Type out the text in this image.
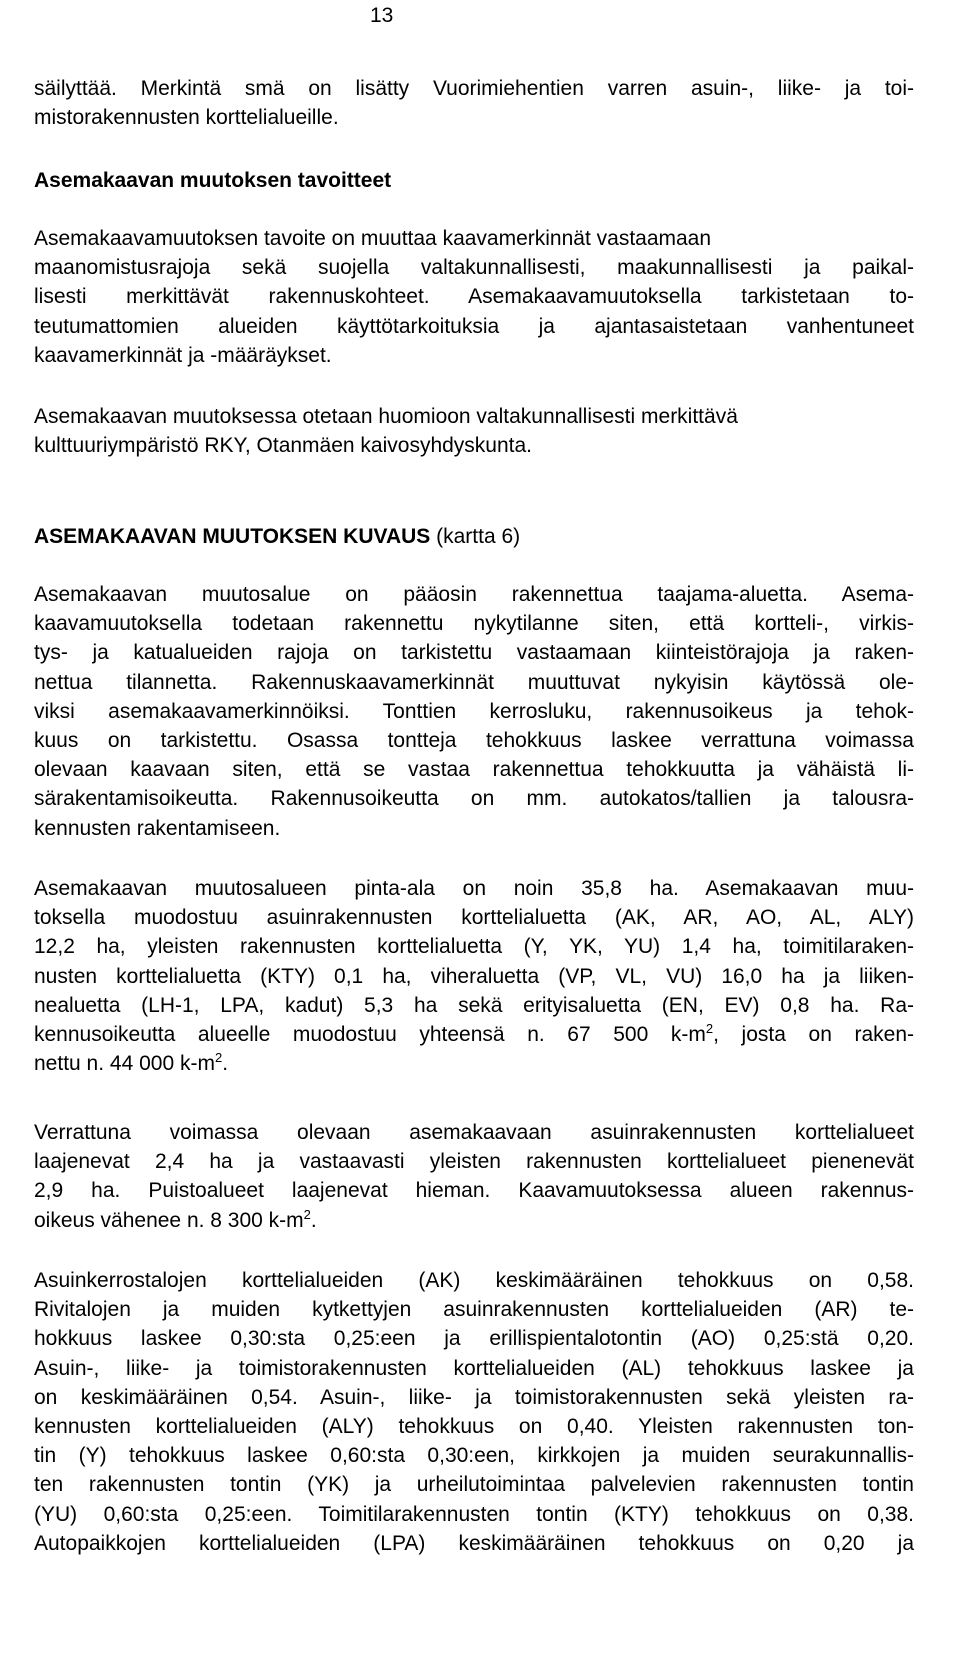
13
säilyttää. Merkintä smä on lisätty Vuorimiehentien varren asuin-, liike- ja toi-
mistorakennusten korttelialueille.
Asemakaavan muutoksen tavoitteet
Asemakaavamuutoksen tavoite on muuttaa kaavamerkinnät vastaamaan
maanomistusrajoja sekä suojella valtakunnallisesti, maakunnallisesti ja paikal-
lisesti merkittävät rakennuskohteet. Asemakaavamuutoksella tarkistetaan to-
teutumattomien alueiden käyttötarkoituksia ja ajantasaistetaan vanhentuneet
kaavamerkinnät ja -määräykset.
Asemakaavan muutoksessa otetaan huomioon valtakunnallisesti merkittävä
kulttuuriympäristö RKY, Otanmäen kaivosyhdyskunta.
ASEMAKAAVAN MUUTOKSEN KUVAUS (kartta 6)
Asemakaavan muutosalue on pääosin rakennettua taajama-aluetta. Asema-
kaavamuutoksella todetaan rakennettu nykytilanne siten, että kortteli-, virkis-
tys- ja katualueiden rajoja on tarkistettu vastaamaan kiinteistörajoja ja raken-
nettua tilannetta. Rakennuskaavamerkinnät muuttuvat nykyisin käytössä ole-
viksi asemakaavamerkinnöiksi. Tonttien kerrosluku, rakennusoikeus ja tehok-
kuus on tarkistettu. Osassa tontteja tehokkuus laskee verrattuna voimassa
olevaan kaavaan siten, että se vastaa rakennettua tehokkuutta ja vähäistä li-
särakentamisoikeutta. Rakennusoikeutta on mm. autokatos/tallien ja talousra-
kennusten rakentamiseen.
Asemakaavan muutosalueen pinta-ala on noin 35,8 ha. Asemakaavan muu-
toksella muodostuu asuinrakennusten korttelialuetta (AK, AR, AO, AL, ALY)
12,2 ha, yleisten rakennusten korttelialuetta (Y, YK, YU) 1,4 ha, toimitilaraken-
nusten korttelialuetta (KTY) 0,1 ha, viheraluetta (VP, VL, VU) 16,0 ha ja liiken-
nealuetta (LH-1, LPA, kadut) 5,3 ha sekä erityisaluetta (EN, EV) 0,8 ha. Ra-
kennusoikeutta alueelle muodostuu yhteensä n. 67 500 $k-m^2$, josta on raken-
nettu n. 44 000 $k-m^2$.
Verrattuna voimassa olevaan asemakaavaan asuinrakennusten korttelialueet
laajenevat 2,4 ha ja vastaavasti yleisten rakennusten korttelialueet pienenevät
2,9 ha. Puistoalueet laajenevat hieman. Kaavamuutoksessa alueen rakennus-
oikeus vähenee n. 8 300 $k-m^2$.
Asuinkerrostalojen korttelialueiden (AK) keskimääräinen tehokkuus on 0,58.
Rivitalojen ja muiden kytkettyjen asuinrakennusten korttelialueiden (AR) te-
hokkuus laskee 0,30:sta 0,25:een ja erillispientalotontin (AO) 0,25:stä 0,20.
Asuin-, liike- ja toimistorakennusten korttelialueiden (AL) tehokkuus laskee ja
on keskimääräinen 0,54. Asuin-, liike- ja toimistorakennusten sekä yleisten ra-
kennusten korttelialueiden (ALY) tehokkuus on 0,40. Yleisten rakennusten ton-
tin (Y) tehokkuus laskee 0,60:sta 0,30:een, kirkkojen ja muiden seurakunnallis-
ten rakennusten tontin (YK) ja urheilutoimintaa palvelevien rakennusten tontin
(YU) 0,60:sta 0,25:een. Toimitilarakennusten tontin (KTY) tehokkuus on 0,38.
Autopaikkojen korttelialueiden (LPA) keskimääräinen tehokkuus on 0,20 ja
